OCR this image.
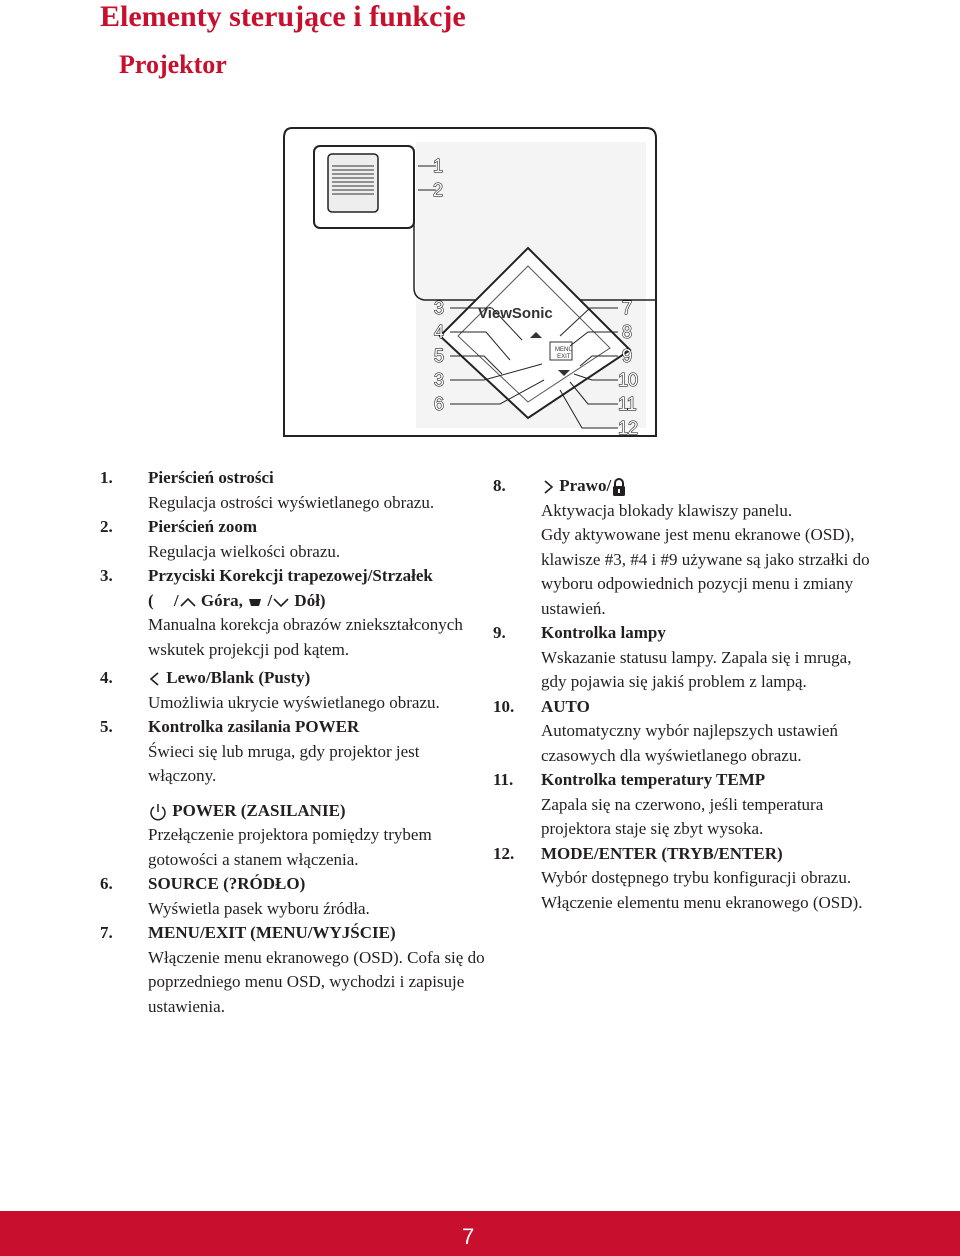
Elementy sterujące i funkcje
Projektor
ViewSonic
MENU
EXIT
1
2
3
4
5
3
6
7
8
9
10
11
12
1. Pierścień ostrości
Regulacja ostrości wyświetlanego obrazu.
2. Pierścień zoom
Regulacja wielkości obrazu.
3. Przyciski Korekcji trapezowej/Strzałek
( / Góra, / Dół)
Manualna korekcja obrazów zniekształconych wskutek projekcji pod kątem.
4.	Lewo/Blank (Pusty)
Umożliwia ukrycie wyświetlanego obrazu.
5. Kontrolka zasilania POWER
Świeci się lub mruga, gdy projektor jest włączony.
POWER (ZASILANIE)
Przełączenie projektora pomiędzy trybem gotowości a stanem włączenia.
6. SOURCE (?RÓDŁO)
Wyświetla pasek wyboru źródła.
7. MENU/EXIT (MENU/WYJŚCIE)
Włączenie menu ekranowego (OSD). Cofa się do poprzedniego menu OSD, wychodzi i zapisuje ustawienia.
8.	Prawo/
Aktywacja blokady klawiszy panelu.
Gdy aktywowane jest menu ekranowe (OSD), klawisze #3, #4 i #9 używane są jako strzałki do wyboru odpowiednich pozycji menu i zmiany ustawień.
9. Kontrolka lampy
Wskazanie statusu lampy. Zapala się i mruga, gdy pojawia się jakiś problem z lampą.
10. AUTO
Automatyczny wybór najlepszych ustawień czasowych dla wyświetlanego obrazu.
11. Kontrolka temperatury TEMP
Zapala się na czerwono, jeśli temperatura projektora staje się zbyt wysoka.
12. MODE/ENTER (TRYB/ENTER)
Wybór dostępnego trybu konfiguracji obrazu.
Włączenie elementu menu ekranowego (OSD).
7
